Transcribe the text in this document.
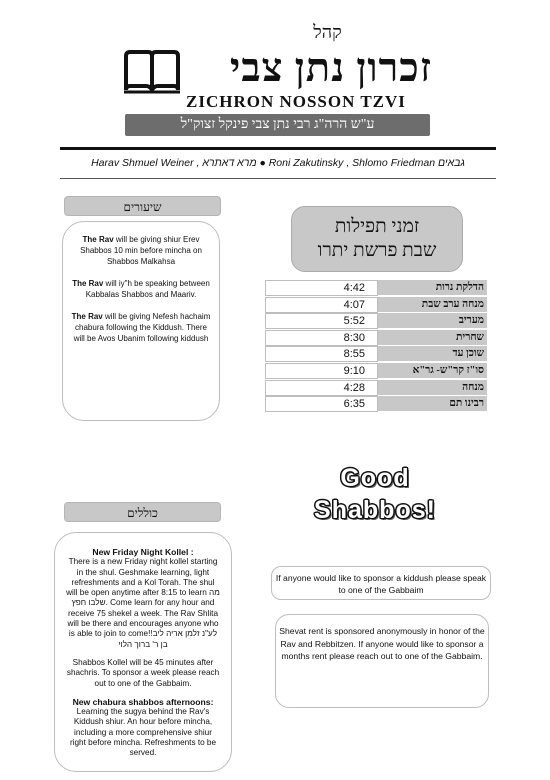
קהל
זכרון נתן צבי
ZICHRON NOSSON TZVI
ע"ש הרה"ג רבי נתן צבי פינקל זצוק"ל
Harav Shmuel Weiner , מרא דאתרא ● Roni Zakutinsky , Shlomo Friedman גבאים
שיעורים

The Rav will be giving shiur Erev Shabbos 10 min before mincha on Shabbos Malkahsa

The Rav will iy"h be speaking between Kabbalas Shabbos and Maariv.

The Rav will be giving Nefesh hachaim chabura following the Kiddush. There will be Avos Ubanim following kiddush

זמני תפילות
שבת פרשת יתרו
4:42	הדלקת נרות
4:07	מנחה ערב שבת
5:52	מעריב
8:30	שחרית
8:55	שוכן עד
9:10	סו"ז קר"ש- גר"א
4:28	מנחה
6:35	רבינו תם
כוללים
New Friday Night Kollel :
There is a new Friday night kollel starting in the shul. Geshmake learning, light refreshments and a Kol Torah. The shul will be open anytime after 8:15 to learn מה שלבו חפץ. Come learn for any hour and receive 75 shekel a week. The Rav Shlita will be there and encourages anyone who is able to join to come!!לע"נ זלמן אריה ליב בן ר' ברוך הלוי
Shabbos Kollel will be 45 minutes after shachris. To sponsor a week please reach out to one of the Gabbaim.
New chabura shabbos afternoons:
Learning the sugya behind the Rav's Kiddush shiur. An hour before mincha, including a more comprehensive shiur right before mincha. Refreshments to be served.
Good
Shabbos!
If anyone would like to sponsor a kiddush please speak to one of the Gabbaim
Shevat rent is sponsored anonymously in honor of the Rav and Rebbitzen. If anyone would like to sponsor a months rent please reach out to one of the Gabbaim.
